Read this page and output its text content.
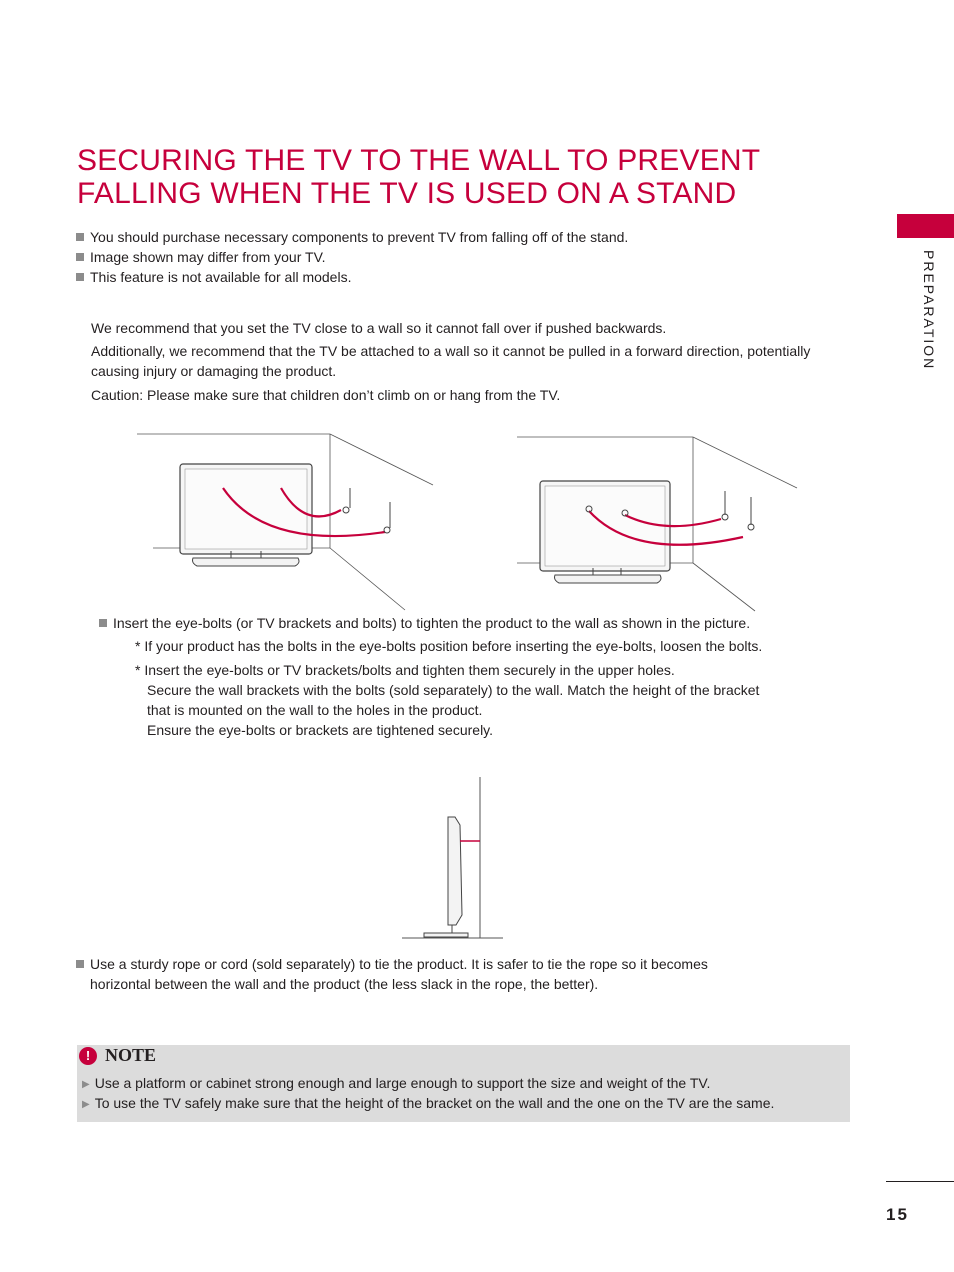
SECURING THE TV TO THE WALL TO PREVENT
FALLING WHEN THE TV IS USED ON A STAND
PREPARATION
You should purchase necessary components to prevent TV from falling off of the stand.
Image shown may differ from your TV.
This feature is not available for all models.

We recommend that you set the TV close to a wall so it cannot fall over if pushed backwards.

Additionally, we recommend that the TV be attached to a wall so it cannot be pulled in a forward direction, potentially causing injury or damaging the product.

Caution: Please make sure that children don’t climb on or hang from the TV.

Insert the eye-bolts (or TV brackets and bolts) to tighten the product to the wall as shown in the picture.

* If your product has the bolts in the eye-bolts position before inserting the eye-bolts, loosen the bolts.

* Insert the eye-bolts or TV brackets/bolts and tighten them securely in the upper holes.

Secure the wall brackets with the bolts (sold separately) to the wall. Match the height of the bracket

that is mounted on the wall to the holes in the product.

Ensure the eye-bolts or brackets are tightened securely.

Use a sturdy rope or cord (sold separately) to tie the product. It is safer to tie the rope so it becomes

horizontal between the wall and the product (the less slack in the rope, the better).

! NOTE
▶ Use a platform or cabinet strong enough and large enough to support the size and weight of the TV.
▶ To use the TV safely make sure that the height of the bracket on the wall and the one on the TV are the same.
15
